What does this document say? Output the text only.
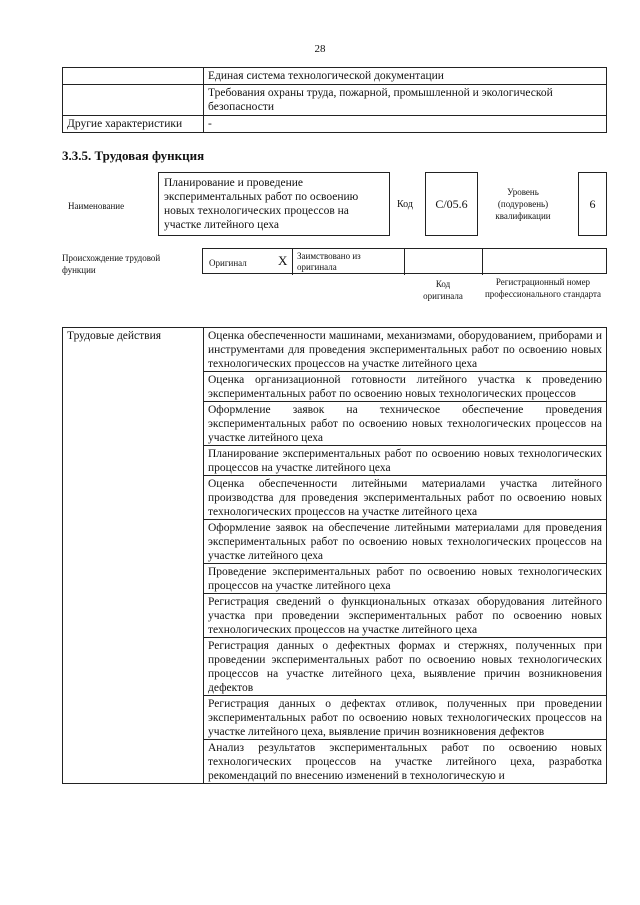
28
	Единая система технологической документации
	Требования охраны труда, пожарной, промышленной и экологической безопасности
Другие характеристики	-
3.3.5. Трудовая функция
Наименование
Планирование и проведение экспериментальных работ по освоению новых технологических процессов на участке литейного цеха
Код	С/05.6
Уровень (подуровень) квалификации
6
Происхождение трудовой функции
Оригинал X Заимствовано из оригинала
Код оригинала
Регистрационный номер профессионального стандарта
Трудовые действия	Оценка обеспеченности машинами, механизмами, оборудованием, приборами и инструментами для проведения экспериментальных работ по освоению новых технологических процессов на участке литейного цеха
Оценка организационной готовности литейного участка к проведению экспериментальных работ по освоению новых технологических процессов
Оформление заявок на техническое обеспечение проведения экспериментальных работ по освоению новых технологических процессов на участке литейного цеха
Планирование экспериментальных работ по освоению новых технологических процессов на участке литейного цеха
Оценка обеспеченности литейными материалами участка литейного производства для проведения экспериментальных работ по освоению новых технологических процессов на участке литейного цеха
Оформление заявок на обеспечение литейными материалами для проведения экспериментальных работ по освоению новых технологических процессов на участке литейного цеха
Проведение экспериментальных работ по освоению новых технологических процессов на участке литейного цеха
Регистрация сведений о функциональных отказах оборудования литейного участка при проведении экспериментальных работ по освоению новых технологических процессов на участке литейного цеха
Регистрация данных о дефектных формах и стержнях, полученных при проведении экспериментальных работ по освоению новых технологических процессов на участке литейного цеха, выявление причин возникновения дефектов
Регистрация данных о дефектах отливок, полученных при проведении экспериментальных работ по освоению новых технологических процессов на участке литейного цеха, выявление причин возникновения дефектов
Анализ результатов экспериментальных работ по освоению новых технологических процессов на участке литейного цеха, разработка рекомендаций по внесению изменений в технологическую и
